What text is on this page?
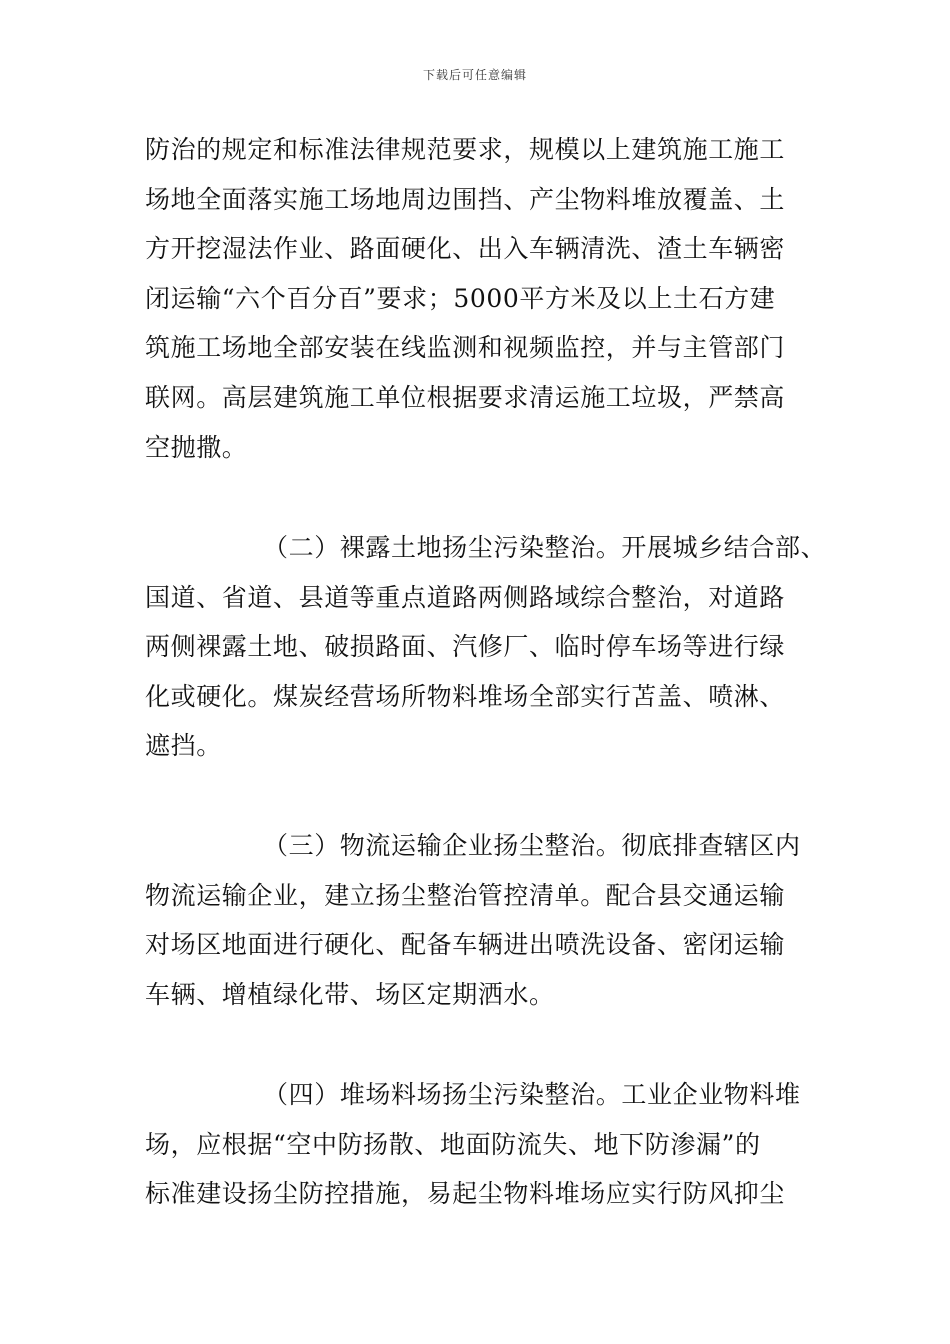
下载后可任意编辑
防治的规定和标准法律规范要求，规模以上建筑施工施工
场地全面落实施工场地周边围挡、产尘物料堆放覆盖、土
方开挖湿法作业、路面硬化、出入车辆清洗、渣土车辆密
闭运输“六个百分百”要求；5000平方米及以上土石方建
筑施工场地全部安装在线监测和视频监控，并与主管部门
联网。高层建筑施工单位根据要求清运施工垃圾，严禁高
空抛撒。
（二）裸露土地扬尘污染整治。开展城乡结合部、
国道、省道、县道等重点道路两侧路域综合整治，对道路
两侧裸露土地、破损路面、汽修厂、临时停车场等进行绿
化或硬化。煤炭经营场所物料堆场全部实行苫盖、喷淋、
遮挡。
（三）物流运输企业扬尘整治。彻底排查辖区内
物流运输企业，建立扬尘整治管控清单。配合县交通运输
对场区地面进行硬化、配备车辆进出喷洗设备、密闭运输
车辆、增植绿化带、场区定期洒水。
（四）堆场料场扬尘污染整治。工业企业物料堆
场，应根据“空中防扬散、地面防流失、地下防渗漏”的
标准建设扬尘防控措施，易起尘物料堆场应实行防风抑尘
